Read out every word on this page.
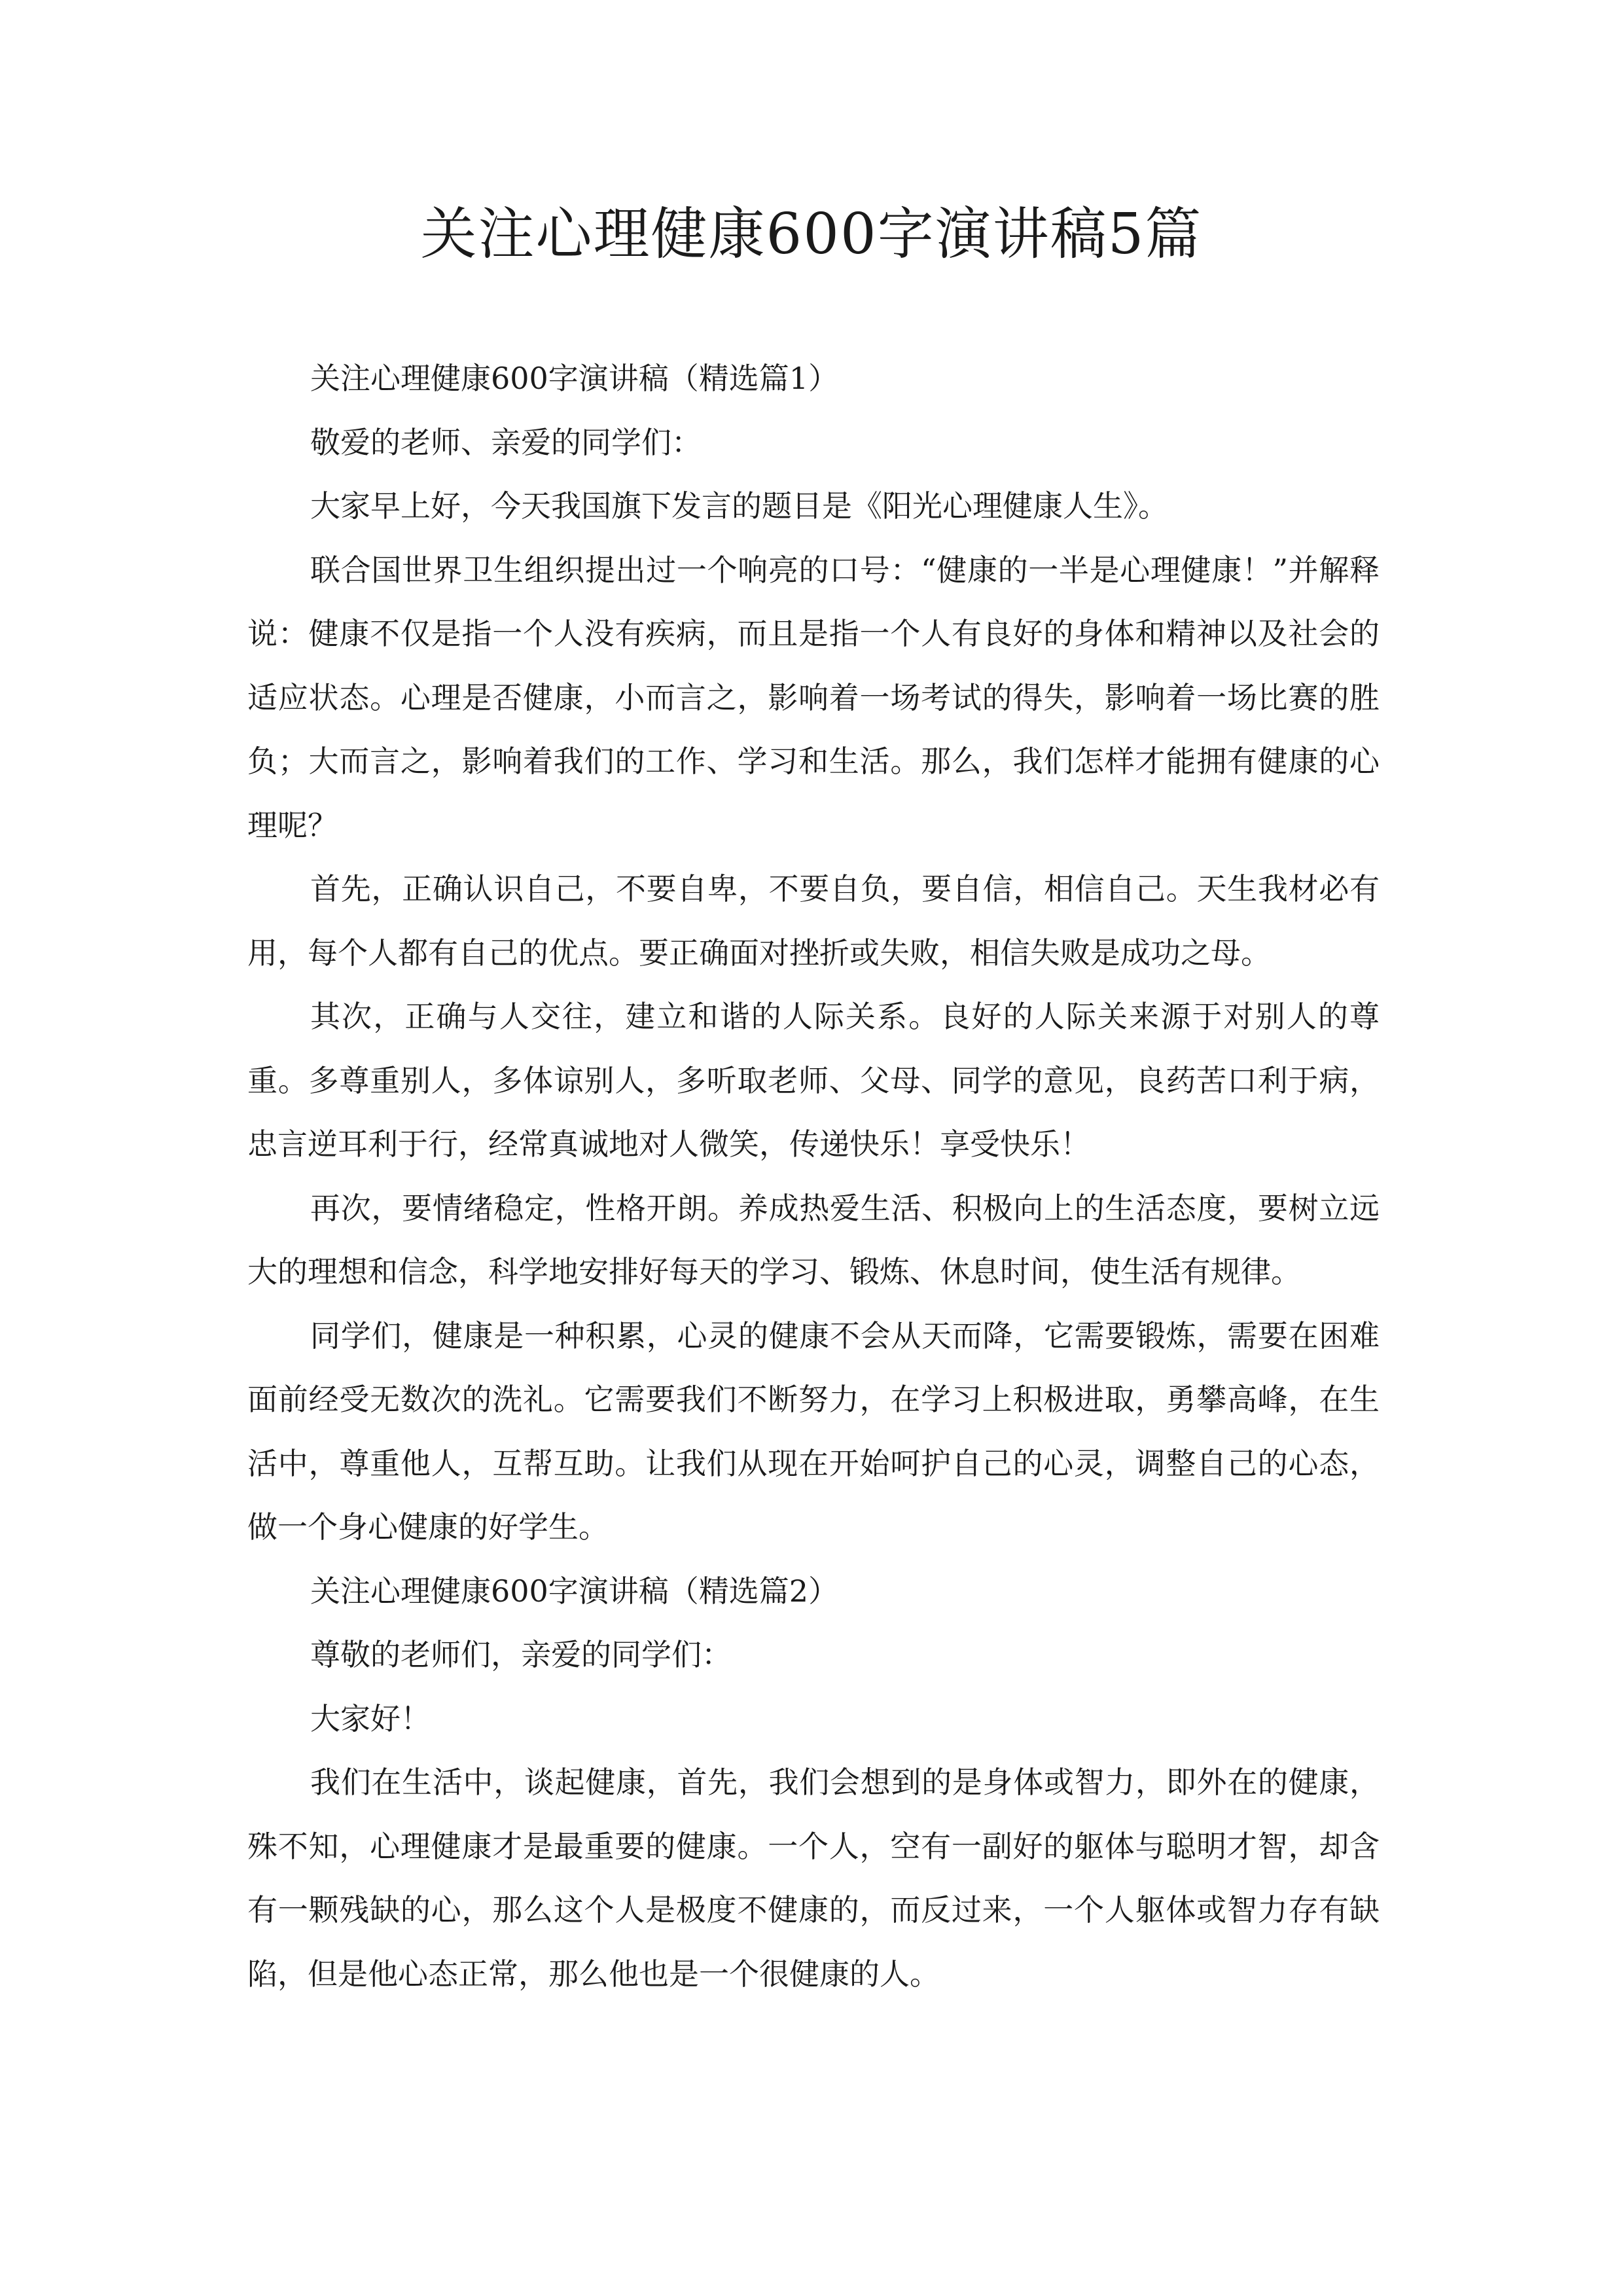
关注心理健康600字演讲稿5篇

关注心理健康600字演讲稿（精选篇1）

敬爱的老师、亲爱的同学们：

大家早上好，今天我国旗下发言的题目是《阳光心理健康人生》。

联合国世界卫生组织提出过一个响亮的口号：“健康的一半是心理健康！”并解释说：健康不仅是指一个人没有疾病，而且是指一个人有良好的身体和精神以及社会的适应状态。心理是否健康，小而言之，影响着一场考试的得失，影响着一场比赛的胜负；大而言之，影响着我们的工作、学习和生活。那么，我们怎样才能拥有健康的心理呢？

首先，正确认识自己，不要自卑，不要自负，要自信，相信自己。天生我材必有用，每个人都有自己的优点。要正确面对挫折或失败，相信失败是成功之母。

其次，正确与人交往，建立和谐的人际关系。良好的人际关来源于对别人的尊重。多尊重别人，多体谅别人，多听取老师、父母、同学的意见，良药苦口利于病，忠言逆耳利于行，经常真诚地对人微笑，传递快乐！享受快乐！

再次，要情绪稳定，性格开朗。养成热爱生活、积极向上的生活态度，要树立远大的理想和信念，科学地安排好每天的学习、锻炼、休息时间，使生活有规律。

同学们，健康是一种积累，心灵的健康不会从天而降，它需要锻炼，需要在困难面前经受无数次的洗礼。它需要我们不断努力，在学习上积极进取，勇攀高峰，在生活中，尊重他人，互帮互助。让我们从现在开始呵护自己的心灵，调整自己的心态，做一个身心健康的好学生。

关注心理健康600字演讲稿（精选篇2）

尊敬的老师们，亲爱的同学们：

大家好！

我们在生活中，谈起健康，首先，我们会想到的是身体或智力，即外在的健康，殊不知，心理健康才是最重要的健康。一个人，空有一副好的躯体与聪明才智，却含有一颗残缺的心，那么这个人是极度不健康的，而反过来，一个人躯体或智力存有缺陷，但是他心态正常，那么他也是一个很健康的人。
